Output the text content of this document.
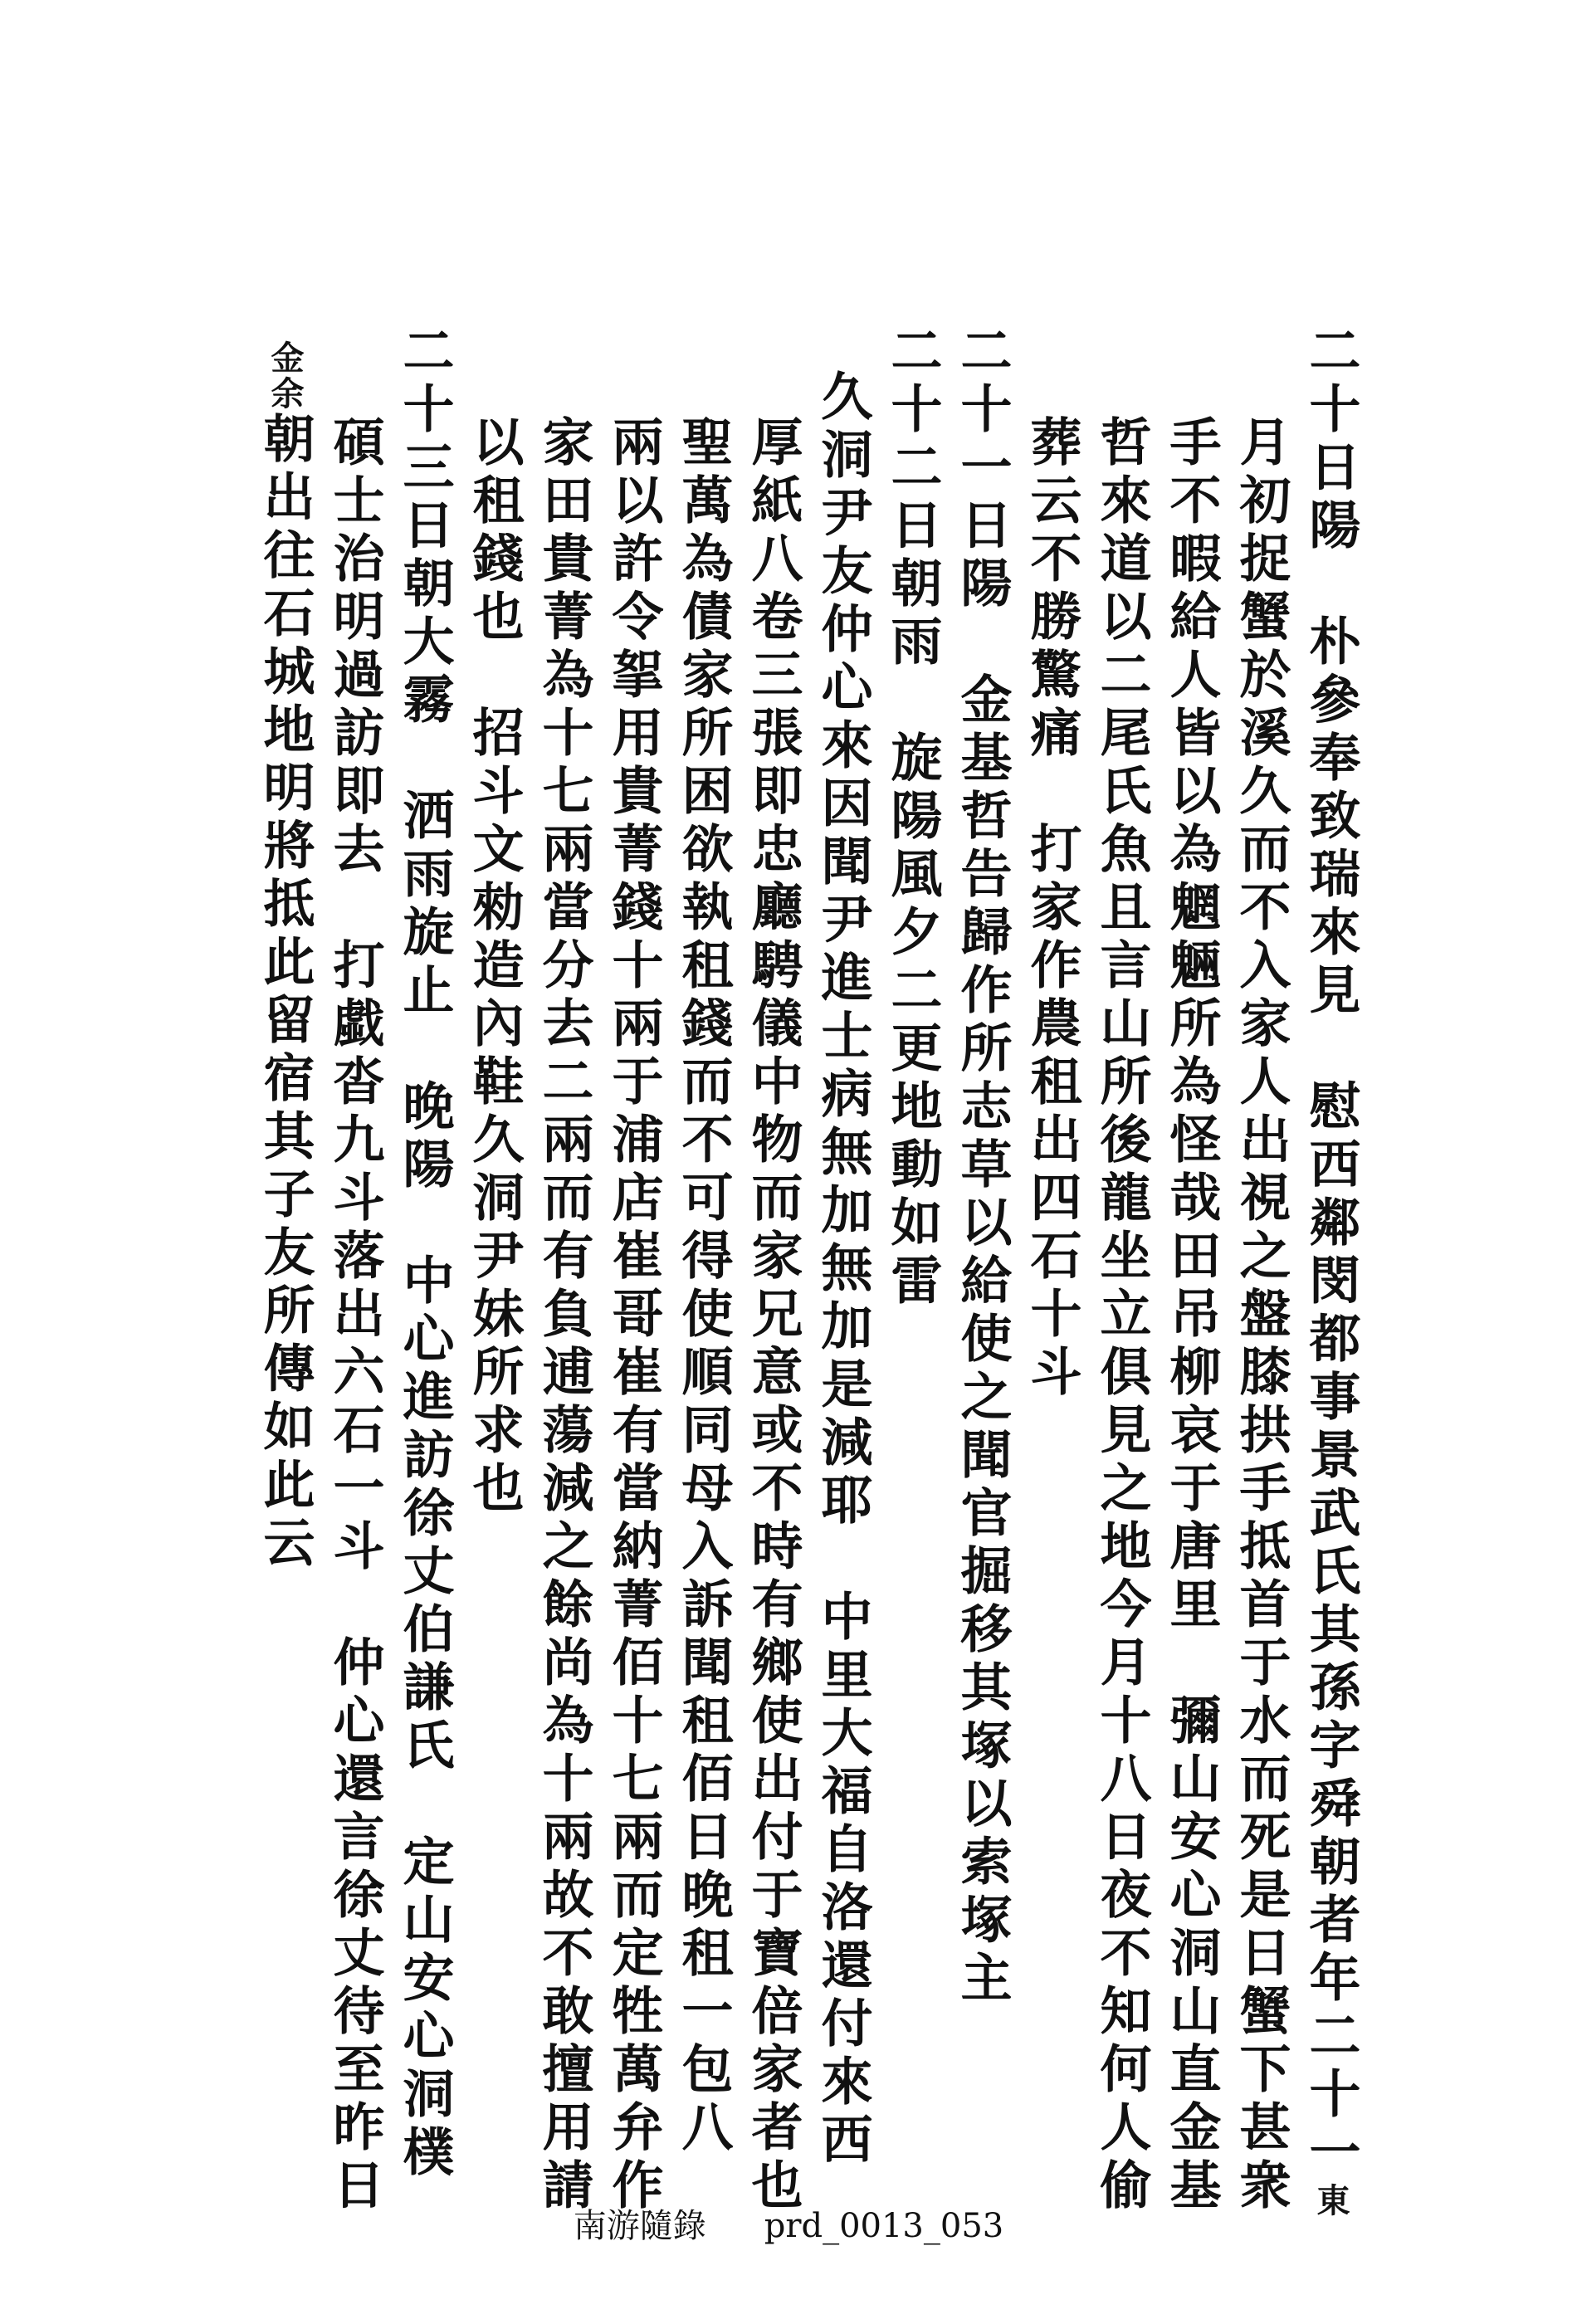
二十日陽　朴參奉致瑞來見　慰西鄰閔都事景武氏其孫字舜朝者年二十一東
月初捉蟹於溪久而不入家人出視之盤膝拱手抵首于水而死是日蟹下甚衆
手不暇給人皆以為魍魎所為怪哉田吊柳哀于唐里　彌山安心洞山直金基
哲來道以二尾氏魚且言山所後龍坐立俱見之地今月十八日夜不知何人偷
葬云不勝驚痛　打家作農租出四石十斗
二十一日陽　金基哲告歸作所志草以給使之聞官掘移其塚以索塚主
二十二日朝雨　旋陽風夕二更地動如雷
久洞尹友仲心來因聞尹進士病無加無加是減耶　中里大福自洛還付來西
厚紙八卷三張即忠廳騁儀中物而家兄意或不時有鄉使出付于寶倍家者也
聖萬為債家所困欲執租錢而不可得使順同母入訴聞租佰日晚租一包八
兩以許令挐用貴菁錢十兩于浦店崔哥崔有當納菁佰十七兩而定牲萬弁作
家田貴菁為十七兩當分去二兩而有負逋蕩減之餘尚為十兩故不敢擅用請
以租錢也　招斗文勑造內鞋久洞尹妹所求也
二十三日朝大霧　洒雨旋止　晚陽　中心進訪徐丈伯謙氏　定山安心洞樸
碩士治明過訪即去　打戱沓九斗落出六石一斗　仲心還言徐丈待至昨日
金余朝出往石城地明將抵此留宿其子友所傳如此云
南游隨錄 prd_0013_053
